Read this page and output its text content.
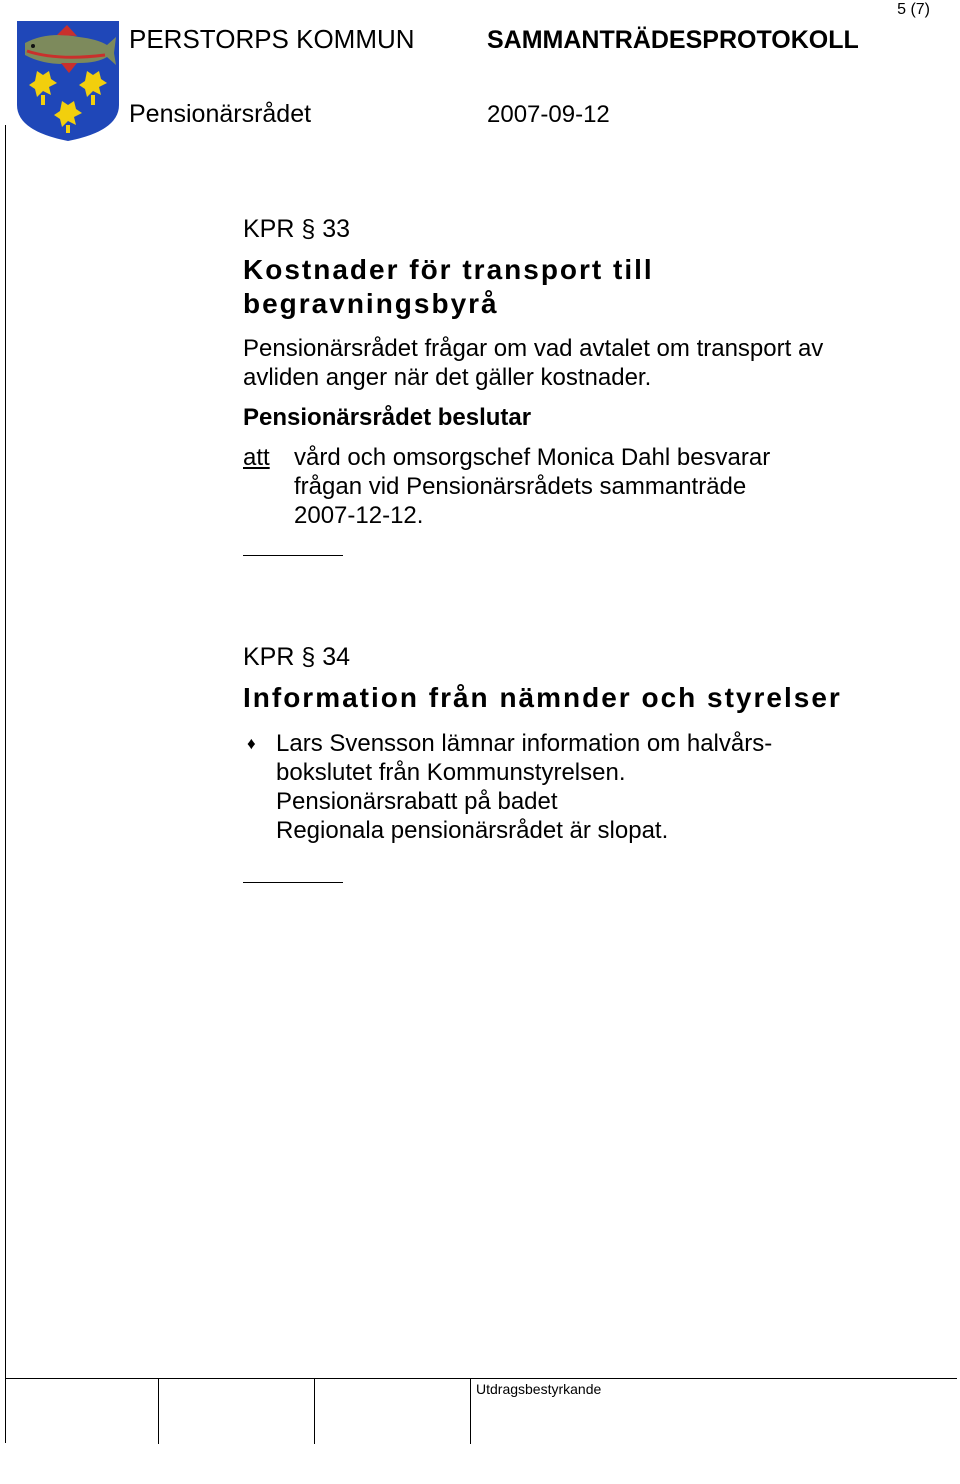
5 (7)
PERSTORPS KOMMUN	SAMMANTRÄDESPROTOKOLL
Pensionärsrådet	2007-09-12
KPR § 33
Kostnader för transport till begravningsbyrå
Pensionärsrådet frågar om vad avtalet om transport av avliden anger när det gäller kostnader.
Pensionärsrådet beslutar
att	vård och omsorgschef Monica Dahl besvarar frågan vid Pensionärsrådets sammanträde 2007-12-12.
KPR § 34
Information från nämnder och styrelser
♦ Lars Svensson lämnar information om halvårs-
bokslutet från Kommunstyrelsen.
Pensionärsrabatt på badet
Regionala pensionärsrådet är slopat.
Utdragsbestyrkande
